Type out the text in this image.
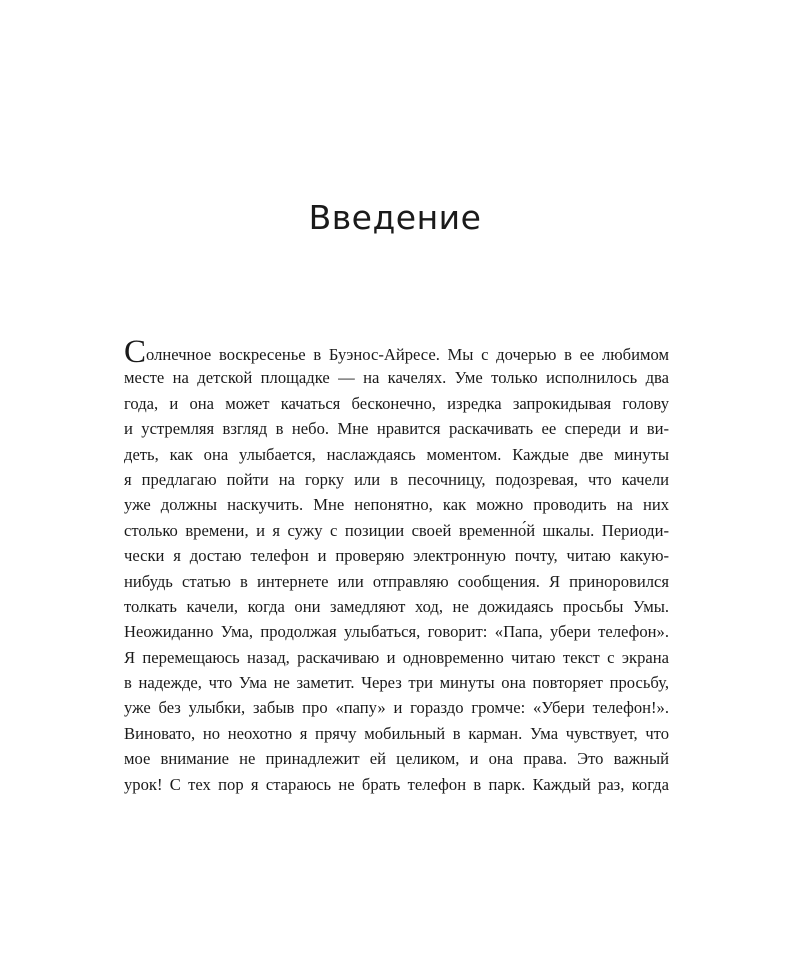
Введение
Солнечное воскресенье в Буэнос-Айресе. Мы с дочерью в ее любимом
месте на детской площадке — на качелях. Уме только исполнилось два
года, и она может качаться бесконечно, изредка запрокидывая голову
и устремляя взгляд в небо. Мне нравится раскачивать ее спереди и ви-
деть, как она улыбается, наслаждаясь моментом. Каждые две минуты
я предлагаю пойти на горку или в песочницу, подозревая, что качели
уже должны наскучить. Мне непонятно, как можно проводить на них
столько времени, и я сужу с позиции своей временно́й шкалы. Периоди-
чески я достаю телефон и проверяю электронную почту, читаю какую-
нибудь статью в интернете или отправляю сообщения. Я приноровился
толкать качели, когда они замедляют ход, не дожидаясь просьбы Умы.
Неожиданно Ума, продолжая улыбаться, говорит: «Папа, убери телефон».
Я перемещаюсь назад, раскачиваю и одновременно читаю текст с экрана
в надежде, что Ума не заметит. Через три минуты она повторяет просьбу,
уже без улыбки, забыв про «папу» и гораздо громче: «Убери телефон!».
Виновато, но неохотно я прячу мобильный в карман. Ума чувствует, что
мое внимание не принадлежит ей целиком, и она права. Это важный
урок! С тех пор я стараюсь не брать телефон в парк. Каждый раз, когда
